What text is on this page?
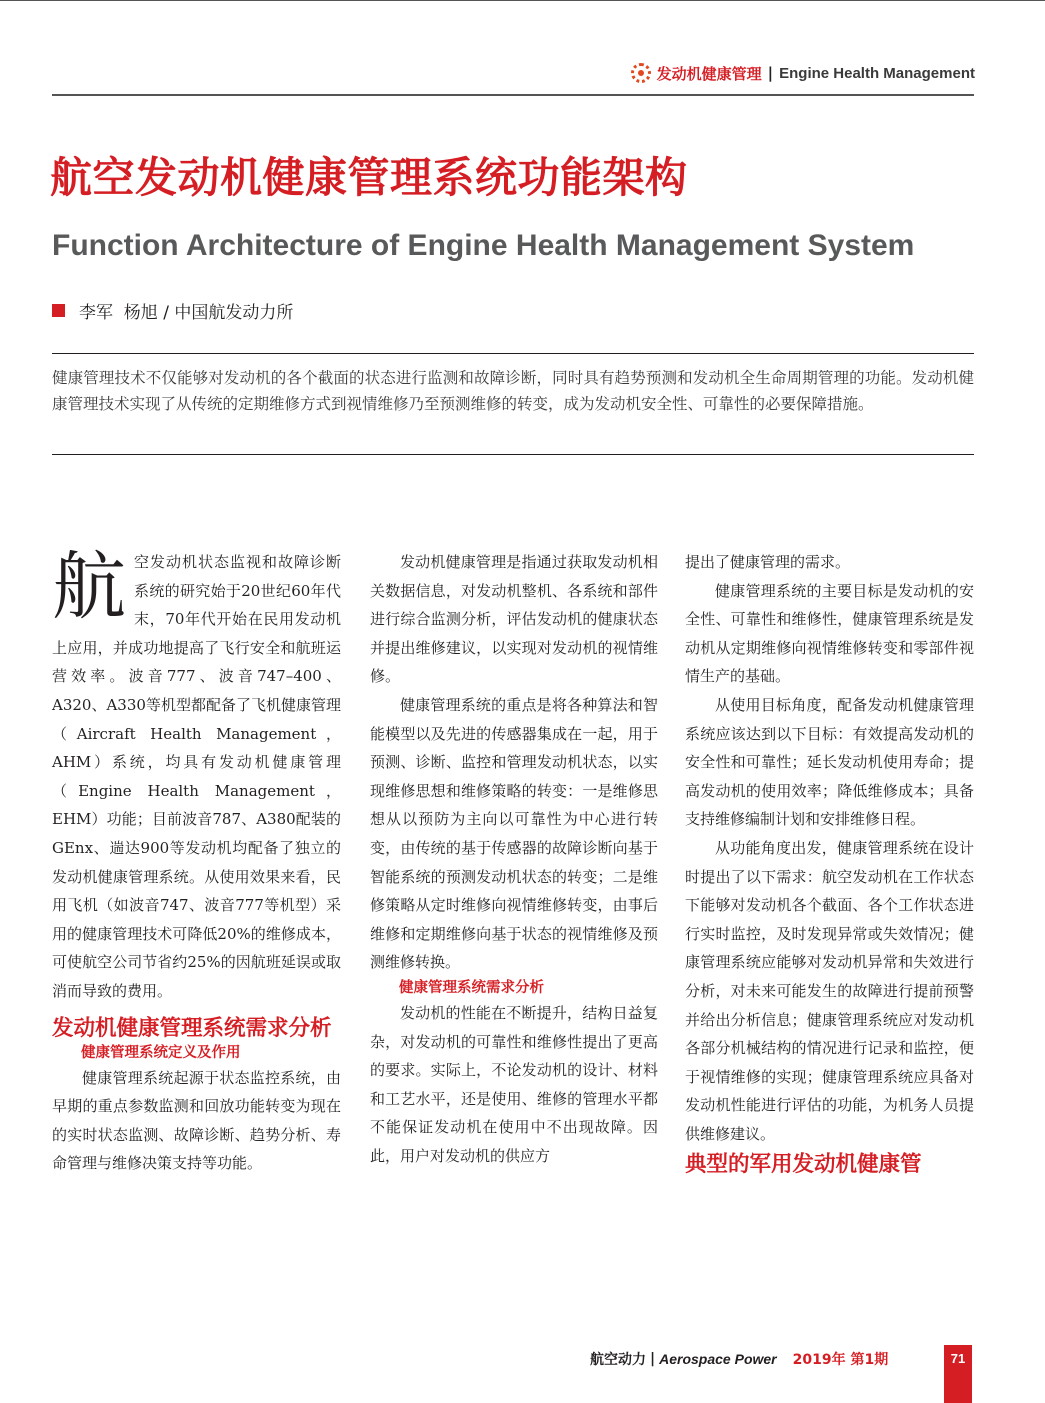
发动机健康管理 | Engine Health Management
航空发动机健康管理系统功能架构
Function Architecture of Engine Health Management System
李军  杨旭 / 中国航发动力所

健康管理技术不仅能够对发动机的各个截面的状态进行监测和故障诊断，同时具有趋势预测和发动机全生命周期管理的功能。发动机健康管理技术实现了从传统的定期维修方式到视情维修乃至预测维修的转变，成为发动机安全性、可靠性的必要保障措施。

航空发动机状态监视和故障诊断系统的研究始于20世纪60年代末，70年代开始在民用发动机上应用，并成功地提高了飞行安全和航班运营效率。波音777、波音747–400、A320、A330等机型都配备了飞机健康管理（Aircraft Health Management，AHM）系统，均具有发动机健康管理（Engine Health Management，EHM）功能；目前波音787、A380配装的GEnx、遄达900等发动机均配备了独立的发动机健康管理系统。从使用效果来看，民用飞机（如波音747、波音777等机型）采用的健康管理技术可降低20%的维修成本，可使航空公司节省约25%的因航班延误或取消而导致的费用。

发动机健康管理系统需求分析
健康管理系统定义及作用

健康管理系统起源于状态监控系统，由早期的重点参数监测和回放功能转变为现在的实时状态监测、故障诊断、趋势分析、寿命管理与维修决策支持等功能。

发动机健康管理是指通过获取发动机相关数据信息，对发动机整机、各系统和部件进行综合监测分析，评估发动机的健康状态并提出维修建议，以实现对发动机的视情维修。

健康管理系统的重点是将各种算法和智能模型以及先进的传感器集成在一起，用于预测、诊断、监控和管理发动机状态，以实现维修思想和维修策略的转变：一是维修思想从以预防为主向以可靠性为中心进行转变，由传统的基于传感器的故障诊断向基于智能系统的预测发动机状态的转变；二是维修策略从定时维修向视情维修转变，由事后维修和定期维修向基于状态的视情维修及预测维修转换。

健康管理系统需求分析

发动机的性能在不断提升，结构日益复杂，对发动机的可靠性和维修性提出了更高的要求。实际上，不论发动机的设计、材料和工艺水平，还是使用、维修的管理水平都不能保证发动机在使用中不出现故障。因此，用户对发动机的供应方

提出了健康管理的需求。

健康管理系统的主要目标是发动机的安全性、可靠性和维修性，健康管理系统是发动机从定期维修向视情维修转变和零部件视情生产的基础。

从使用目标角度，配备发动机健康管理系统应该达到以下目标：有效提高发动机的安全性和可靠性；延长发动机使用寿命；提高发动机的使用效率；降低维修成本；具备支持维修编制计划和安排维修日程。

从功能角度出发，健康管理系统在设计时提出了以下需求：航空发动机在工作状态下能够对发动机各个截面、各个工作状态进行实时监控，及时发现异常或失效情况；健康管理系统应能够对发动机异常和失效进行分析，对未来可能发生的故障进行提前预警并给出分析信息；健康管理系统应对发动机各部分机械结构的情况进行记录和监控，便于视情维修的实现；健康管理系统应具备对发动机性能进行评估的功能，为机务人员提供维修建议。

典型的军用发动机健康管
航空动力 | Aerospace Power 2019年 第1期	71
